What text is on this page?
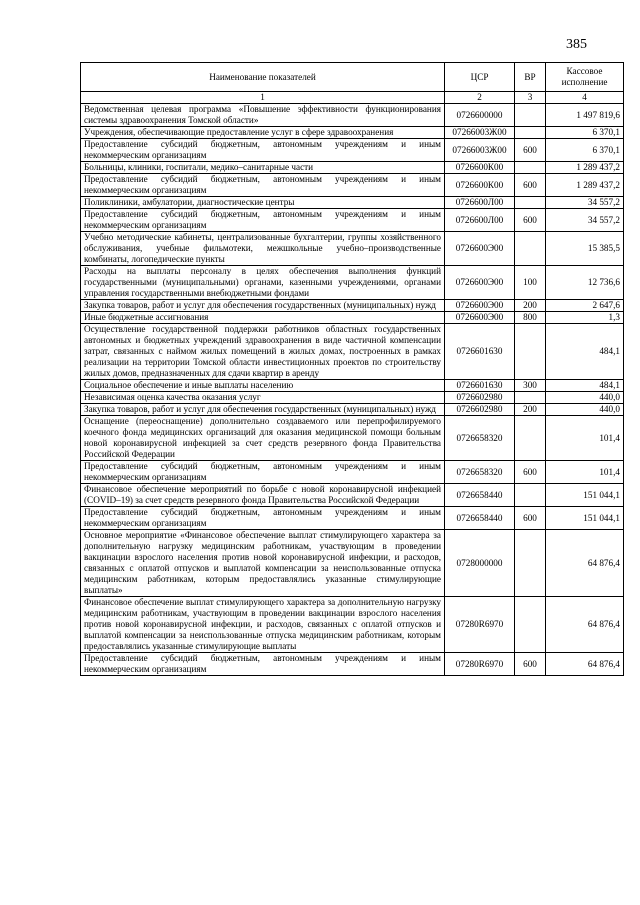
385
Наименование показателей	ЦСР	ВР	Кассовое исполнение
1	2	3	4
Ведомственная целевая программа «Повышение эффективности функционирования системы здравоохранения Томской области»	0726600000		1 497 819,6
Учреждения, обеспечивающие предоставление услуг в сфере здравоохранения	07266003Ж00		6 370,1
Предоставление субсидий бюджетным, автономным учреждениям и иным некоммерческим организациям	07266003Ж00	600	6 370,1
Больницы, клиники, госпитали, медико–санитарные части	0726600К00		1 289 437,2
Предоставление субсидий бюджетным, автономным учреждениям и иным некоммерческим организациям	0726600К00	600	1 289 437,2
Поликлиники, амбулатории, диагностические центры	0726600Л00		34 557,2
Предоставление субсидий бюджетным, автономным учреждениям и иным некоммерческим организациям	0726600Л00	600	34 557,2
Учебно методические кабинеты, централизованные бухгалтерии, группы хозяйственного обслуживания, учебные фильмотеки, межшкольные учебно–производственные комбинаты, логопедические пункты	0726600Э00		15 385,5
Расходы на выплаты персоналу в целях обеспечения выполнения функций государственными (муниципальными) органами, казенными учреждениями, органами управления государственными внебюджетными фондами	0726600Э00	100	12 736,6
Закупка товаров, работ и услуг для обеспечения государственных (муниципальных) нужд	0726600Э00	200	2 647,6
Иные бюджетные ассигнования	0726600Э00	800	1,3
Осуществление государственной поддержки работников областных государственных автономных и бюджетных учреждений здравоохранения в виде частичной компенсации затрат, связанных с наймом жилых помещений в жилых домах, построенных в рамках реализации на территории Томской области инвестиционных проектов по строительству жилых домов, предназначенных для сдачи квартир в аренду	0726601630		484,1
Социальное обеспечение и иные выплаты населению	0726601630	300	484,1
Независимая оценка качества оказания услуг	0726602980		440,0
Закупка товаров, работ и услуг для обеспечения государственных (муниципальных) нужд	0726602980	200	440,0
Оснащение (переоснащение) дополнительно создаваемого или перепрофилируемого коечного фонда медицинских организаций для оказания медицинской помощи больным новой коронавирусной инфекцией за счет средств резервного фонда Правительства Российской Федерации	0726658320		101,4
Предоставление субсидий бюджетным, автономным учреждениям и иным некоммерческим организациям	0726658320	600	101,4
Финансовое обеспечение мероприятий по борьбе с новой коронавирусной инфекцией (COVID–19) за счет средств резервного фонда Правительства Российской Федерации	0726658440		151 044,1
Предоставление субсидий бюджетным, автономным учреждениям и иным некоммерческим организациям	0726658440	600	151 044,1
Основное мероприятие «Финансовое обеспечение выплат стимулирующего характера за дополнительную нагрузку медицинским работникам, участвующим в проведении вакцинации взрослого населения против новой коронавирусной инфекции, и расходов, связанных с оплатой отпусков и выплатой компенсации за неиспользованные отпуска медицинским работникам, которым предоставлялись указанные стимулирующие выплаты»	0728000000		64 876,4
Финансовое обеспечение выплат стимулирующего характера за дополнительную нагрузку медицинским работникам, участвующим в проведении вакцинации взрослого населения против новой коронавирусной инфекции, и расходов, связанных с оплатой отпусков и выплатой компенсации за неиспользованные отпуска медицинским работникам, которым предоставлялись указанные стимулирующие выплаты	07280R6970		64 876,4
Предоставление субсидий бюджетным, автономным учреждениям и иным некоммерческим организациям	07280R6970	600	64 876,4
